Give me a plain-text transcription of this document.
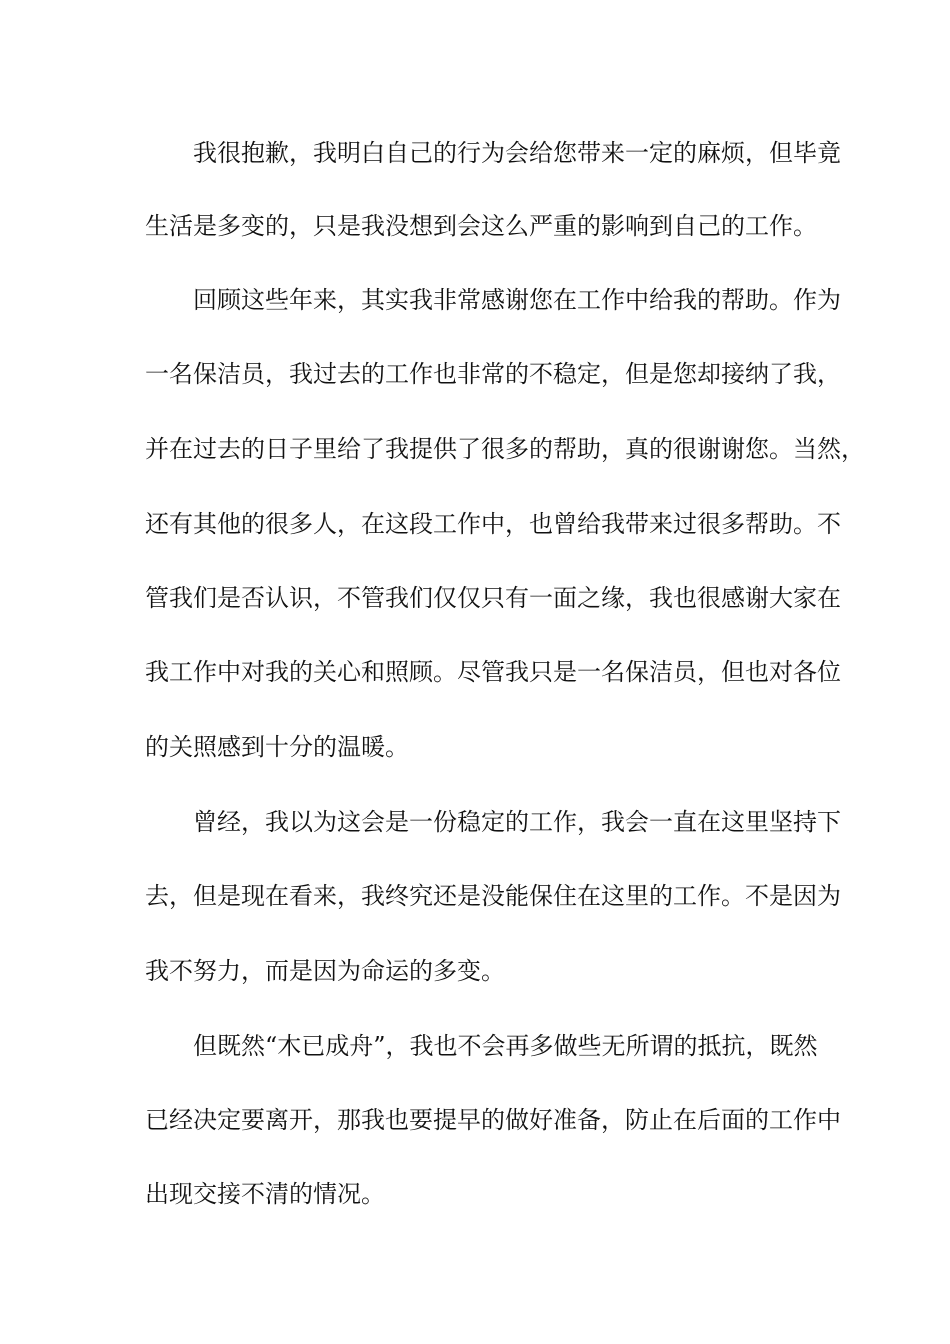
我很抱歉，我明白自己的行为会给您带来一定的麻烦，但毕竟
生活是多变的，只是我没想到会这么严重的影响到自己的工作。
回顾这些年来，其实我非常感谢您在工作中给我的帮助。作为
一名保洁员，我过去的工作也非常的不稳定，但是您却接纳了我，
并在过去的日子里给了我提供了很多的帮助，真的很谢谢您。当然，
还有其他的很多人，在这段工作中，也曾给我带来过很多帮助。不
管我们是否认识，不管我们仅仅只有一面之缘，我也很感谢大家在
我工作中对我的关心和照顾。尽管我只是一名保洁员，但也对各位
的关照感到十分的温暖。
曾经，我以为这会是一份稳定的工作，我会一直在这里坚持下
去，但是现在看来，我终究还是没能保住在这里的工作。不是因为
我不努力，而是因为命运的多变。
但既然“木已成舟”，我也不会再多做些无所谓的抵抗，既然
已经决定要离开，那我也要提早的做好准备，防止在后面的工作中
出现交接不清的情况。
